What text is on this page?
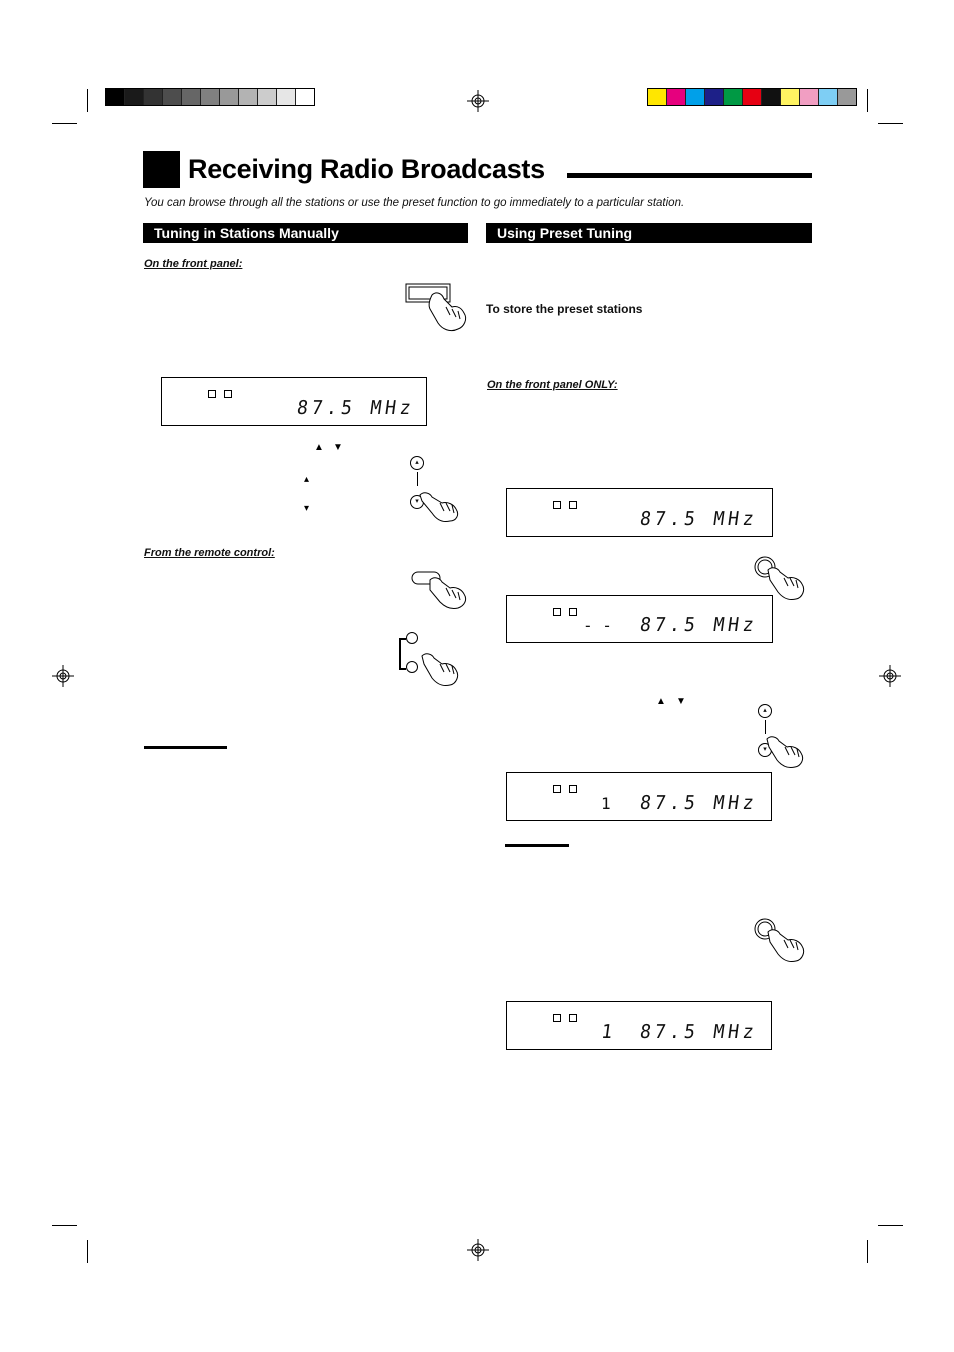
Receiving Radio Broadcasts
You can browse through all the stations or use the preset function to go immediately to a particular station.
Tuning in Stations Manually
On the front panel:
87.5 MHz
▲ ▼
▴
▾
▴
▾
From the remote control:
Using Preset Tuning
To store the preset stations
On the front panel ONLY:
87.5 MHz
- - 87.5 MHz
▲ ▼
▴
▾
1 87.5 MHz
1 87.5 MHz
